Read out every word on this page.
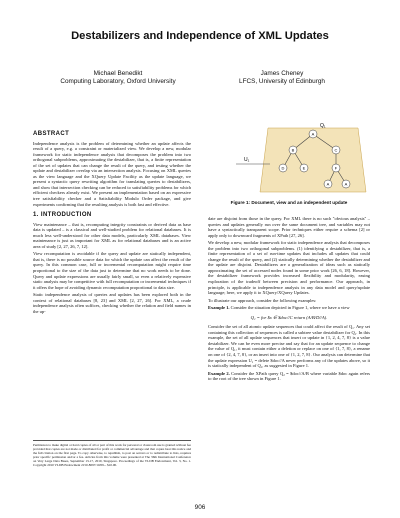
Destabilizers and Independence of XML Updates
Michael Benedikt
Computing Laboratory, Oxford University
James Cheney
LFCS, University of Edinburgh
ABSTRACT

Independence analysis is the problem of determining whether an update affects the result of a query, e.g. a constraint or materialized view. We develop a new, modular framework for static independence analysis that decomposes the problem into two orthogonal subproblems, approximating the destabilizer, that is, a finite representation of the set of updates that can change the result of the query, and testing whether the update and destabilizer overlap via an intersection analysis. Focusing on XML queries as the view language and the XQuery Update Facility as the update language, we present a syntactic query rewriting algorithm for translating queries to destabilizers, and show that intersection checking can be reduced to satisfiability problems for which efficient checkers already exist. We present an implementation based on an expressive tree satisfiability checker and a Satisfiability Modulo Order package, and give experiments confirming that the resulting analysis is both fast and effective.

1. INTRODUCTION

View maintenance – that is, recomputing integrity constraints or derived data as base data is updated – is a classical and well-studied problem for relational databases. It is much less well-understood for other data models, particularly XML databases. View maintenance is just as important for XML as for relational databases and is an active area of study [2, 27, 26, 7, 12].

View recomputation is avoidable if the query and update are statically independent, that is, there is no possible source data for which the update can affect the result of the query. In this common case, full or incremental recomputation might require time proportional to the size of the data just to determine that no work needs to be done. Query and update expressions are usually fairly small, so even a relatively expensive static analysis may be competitive with full recomputation or incremental techniques if it offers the hope of avoiding dynamic recomputation proportional to data size.

Static independence analysis of queries and updates has been explored both in the context of relational databases [8, 23] and XML [2, 27, 26]. For XML, a crude independence analysis often suffices, checking whether the relation and field names in the up-

Permission to make digital or hard copies of all or part of this work for personal or classroom use is granted without fee provided that copies are not made or distributed for profit or commercial advantage and that copies bear this notice and the full citation on the first page. To copy otherwise, to republish, to post on servers or to redistribute to lists, requires prior specific permission and/or a fee. Articles from this volume were presented at The 36th International Conference on Very Large Data Bases, September 13-17, 2010, Singapore. Proceedings of the VLDB Endowment, Vol. 3, No. 1. Copyright 2010 VLDB Endowment 2150-8097/10/09... $10.00.
U₁
Q₁
A
B	C
D	E	F
A	A
Figure 1: Document, view and an independent update

date are disjoint from those in the query. For XML there is no such "obvious analysis" – queries and updates generally run over the same document tree, and variables may not have a syntactically transparent scope. Prior techniques either require a schema [2] or apply only to downward fragments of XPath [27, 26].

We develop a new, modular framework for static independence analysis that decomposes the problem into two orthogonal subproblems. (1) identifying a destabilizer, that is, a finite representation of a set of run-time updates that includes all updates that could change the result of the query, and (2) statically determining whether the destabilizer and the update are disjoint. Destabilizers are a generalization of ideas such as statically approximating the set of accessed nodes found in some prior work [26, 6, 18]. However, the destabilizer framework provides increased flexibility and modularity, easing exploration of the tradeoff between precision and performance. Our approach, in principle, is applicable to independence analysis in any data model and query/update language; here, we apply it to XQuery/XQuery Updates.

To illustrate our approach, consider the following examples:

Example 1. Consider the situation depicted in Figure 1, where we have a view

Q₁ = for $x ∈ $doc//C return (A/B/D//A).

Consider the set of all atomic update sequences that could affect the result of Q₁. Any set containing this collection of sequences is called a subtree value destabilizer for Q₁. In this example, the set of all update sequences that insert or update in {1, 2, 4, 7, 8} is a value destabilizer. We can be even more precise and say that for an update sequence to change the value of Q₁, it must contain either a deletion or replace on one of {1, 7, 8}, a rename on one of {2, 4, 7, 8}, or an insert into one of {1, 2, 7, 8}. Our analysis can determine that the update expression U₁ = delete $doc//A never performs any of the updates above, so it is statically independent of Q₁, as suggested in Figure 1.

Example 2. Consider the XPath query Q₂ = $doc//A/B where variable $doc again refers to the root of the tree shown in Figure 1.

906
